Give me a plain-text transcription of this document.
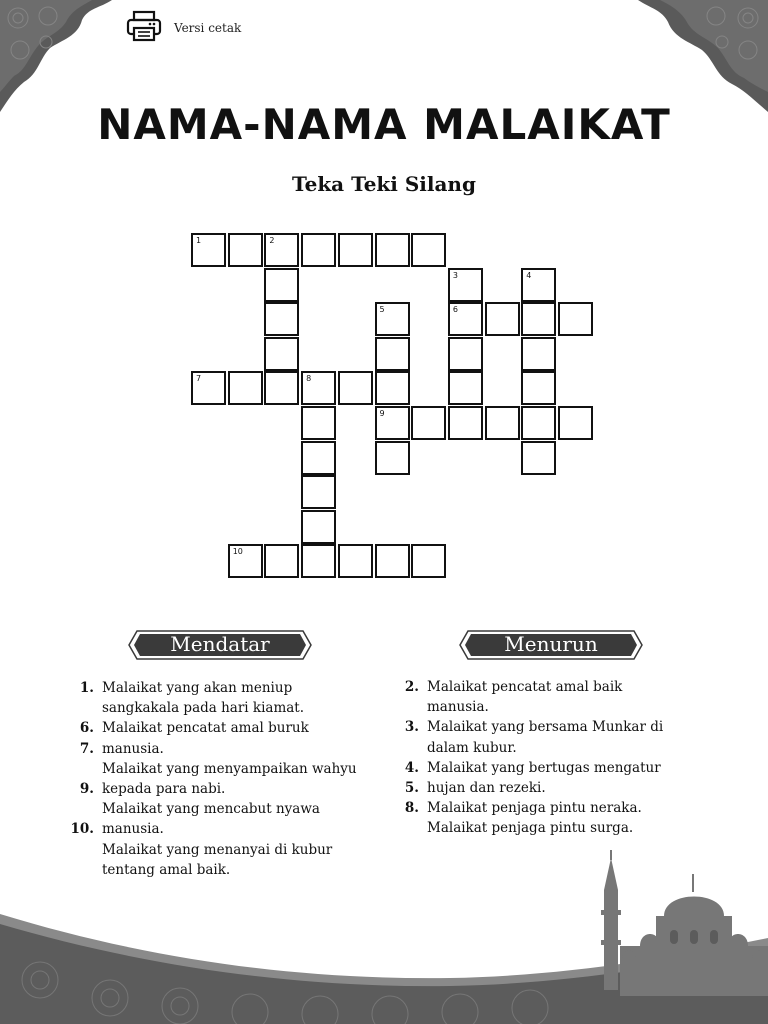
Versi cetak
NAMA-NAMA MALAIKAT
Teka Teki Silang
1	2
3	4
5	6
7	8
9
10
Mendatar
1. Malaikat yang akan meniup
sangkakala pada hari kiamat.
6. Malaikat pencatat amal buruk
7. manusia.
Malaikat yang menyampaikan wahyu
9. kepada para nabi.
Malaikat yang mencabut nyawa
10. manusia.
Malaikat yang menanyai di kubur
tentang amal baik.
Menurun
2. Malaikat pencatat amal baik
manusia.
3. Malaikat yang bersama Munkar di
dalam kubur.
4. Malaikat yang bertugas mengatur
5. hujan dan rezeki.
8. Malaikat penjaga pintu neraka.
Malaikat penjaga pintu surga.
